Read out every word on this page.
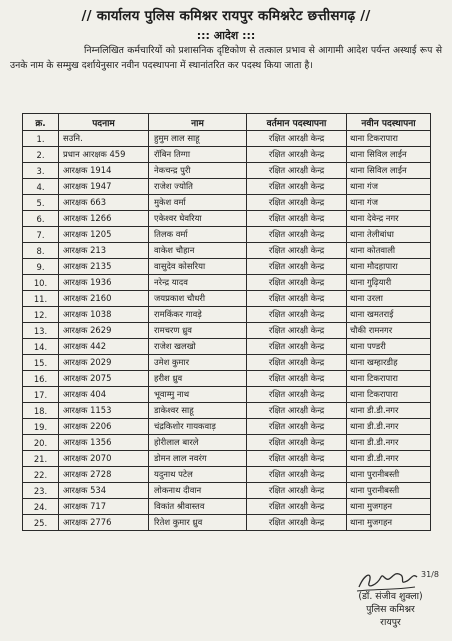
// कार्यालय पुलिस कमिश्नर रायपुर कमिश्नरेट छत्तीसगढ़ //
::: आदेश :::
निम्नलिखित कर्मचारियों को प्रशासनिक दृष्टिकोण से तत्काल प्रभाव से आगामी आदेश पर्यन्त अस्थाई रूप से उनके नाम के सम्मुख दर्शायेनुसार नवीन पदस्थापना में स्थानांतरित कर पदस्थ किया जाता है।
क्र.	पदनाम	नाम	वर्तमान पदस्थापना	नवीन पदस्थापना
1.	सउनि.	हुमुम लाल साहू	रक्षित आरक्षी केन्द्र	थाना टिकरापारा
2.	प्रधान आरक्षक 459	रॉबिन तिग्गा	रक्षित आरक्षी केन्द्र	थाना सिविल लाईन
3.	आरक्षक 1914	नेकचन्द्र पुरी	रक्षित आरक्षी केन्द्र	थाना सिविल लाईन
4.	आरक्षक 1947	राजेश ज्योति	रक्षित आरक्षी केन्द्र	थाना गंज
5.	आरक्षक 663	मुकेश वर्मा	रक्षित आरक्षी केन्द्र	थाना गंज
6.	आरक्षक 1266	एकेश्वर घेवरिया	रक्षित आरक्षी केन्द्र	थाना देवेन्द्र नगर
7.	आरक्षक 1205	तिलक वर्मा	रक्षित आरक्षी केन्द्र	थाना तेलीबांधा
8.	आरक्षक 213	वाकेश चौहान	रक्षित आरक्षी केन्द्र	थाना कोतवाली
9.	आरक्षक 2135	वासुदेव कोसरिया	रक्षित आरक्षी केन्द्र	थाना मौदहापारा
10.	आरक्षक 1936	नरेन्द्र यादव	रक्षित आरक्षी केन्द्र	थाना गुढ़ियारी
11.	आरक्षक 2160	जयप्रकाश चौधरी	रक्षित आरक्षी केन्द्र	थाना उरला
12.	आरक्षक 1038	रामकिंकर गावड़े	रक्षित आरक्षी केन्द्र	थाना खमतराई
13.	आरक्षक 2629	रामचरण ध्रुव	रक्षित आरक्षी केन्द्र	चौकी रामनगर
14.	आरक्षक 442	राजेश खलखो	रक्षित आरक्षी केन्द्र	थाना पण्डरी
15.	आरक्षक 2029	उमेश कुमार	रक्षित आरक्षी केन्द्र	थाना खम्हारडीह
16.	आरक्षक 2075	हरीश ध्रुव	रक्षित आरक्षी केन्द्र	थाना टिकरापारा
17.	आरक्षक 404	भूवाम्मु नाथ	रक्षित आरक्षी केन्द्र	थाना टिकरापारा
18.	आरक्षक 1153	डाकेश्वर साहू	रक्षित आरक्षी केन्द्र	थाना डी.डी.नगर
19.	आरक्षक 2206	चंद्रकिशोर गायकवाड़	रक्षित आरक्षी केन्द्र	थाना डी.डी.नगर
20.	आरक्षक 1356	होरीलाल बारले	रक्षित आरक्षी केन्द्र	थाना डी.डी.नगर
21.	आरक्षक 2070	डोमन लाल नवरंग	रक्षित आरक्षी केन्द्र	थाना डी.डी.नगर
22.	आरक्षक 2728	यदुनाथ पटेल	रक्षित आरक्षी केन्द्र	थाना पुरानीबस्ती
23.	आरक्षक 534	लोकनाथ दीवान	रक्षित आरक्षी केन्द्र	थाना पुरानीबस्ती
24.	आरक्षक 717	विकांत श्रीवास्तव	रक्षित आरक्षी केन्द्र	थाना मुजगहन
25.	आरक्षक 2776	रितेश कुमार ध्रुव	रक्षित आरक्षी केन्द्र	थाना मुजगहन
31/8
(डॉ. संजीव शुक्ला)
पुलिस कमिश्नर
रायपुर
